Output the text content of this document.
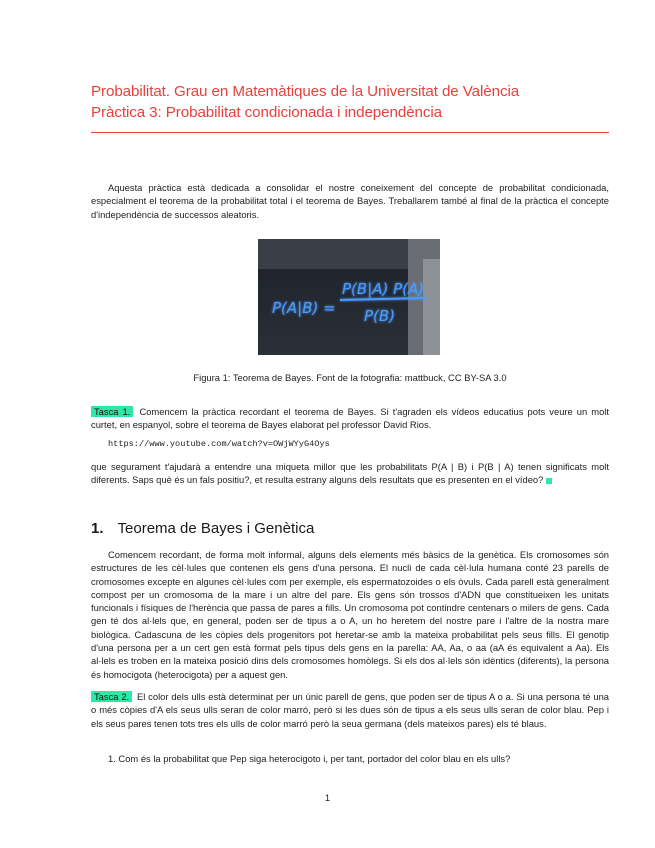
Probabilitat. Grau en Matemàtiques de la Universitat de València
Pràctica 3: Probabilitat condicionada i independència
Aquesta pràctica està dedicada a consolidar el nostre coneixement del concepte de probabilitat condicionada, especialment el teorema de la probabilitat total i el teorema de Bayes. Treballarem també al final de la pràctica el concepte d'independència de successos aleatoris.
P(A|B) =
P(B|A) P(A)
P(B)
Figura 1: Teorema de Bayes. Font de la fotografia: mattbuck, CC BY-SA 3.0
Tasca 1. Comencem la pràctica recordant el teorema de Bayes. Si t'agraden els vídeos educatius pots veure un molt curtet, en espanyol, sobre el teorema de Bayes elaborat pel professor David Rios.
https://www.youtube.com/watch?v=OWjWYyG4Oys
que segurament t'ajudarà a entendre una miqueta millor que les probabilitats P(A | B) i P(B | A) tenen significats molt diferents. Saps què és un fals positiu?, et resulta estrany alguns dels resultats que es presenten en el vídeo?
1. Teorema de Bayes i Genètica
Comencem recordant, de forma molt informal, alguns dels elements més bàsics de la genètica. Els cromosomes són estructures de les cèl·lules que contenen els gens d'una persona. El nucli de cada cèl·lula humana conté 23 parells de cromosomes excepte en algunes cèl·lules com per exemple, els espermatozoides o els òvuls. Cada parell està generalment compost per un cromosoma de la mare i un altre del pare. Els gens són trossos d'ADN que constitueixen les unitats funcionals i físiques de l'herència que passa de pares a fills. Un cromosoma pot contindre centenars o milers de gens. Cada gen té dos al·lels que, en general, poden ser de tipus a o A, un ho heretem del nostre pare i l'altre de la nostra mare biològica. Cadascuna de les còpies dels progenitors pot heretar-se amb la mateixa probabilitat pels seus fills. El genotip d'una persona per a un cert gen està format pels tipus dels gens en la parella: AA, Aa, o aa (aA és equivalent a Aa). Els al·lels es troben en la mateixa posició dins dels cromosomes homòlegs. Si els dos al·lels són idèntics (diferents), la persona és homocigota (heterocigota) per a aquest gen.
Tasca 2. El color dels ulls està determinat per un únic parell de gens, que poden ser de tipus A o a. Si una persona té una o més còpies d'A els seus ulls seran de color marró, però si les dues són de tipus a els seus ulls seran de color blau. Pep i els seus pares tenen tots tres els ulls de color marró però la seua germana (dels mateixos pares) els té blaus.
1. Com és la probabilitat que Pep siga heterocigoto i, per tant, portador del color blau en els ulls?
1
